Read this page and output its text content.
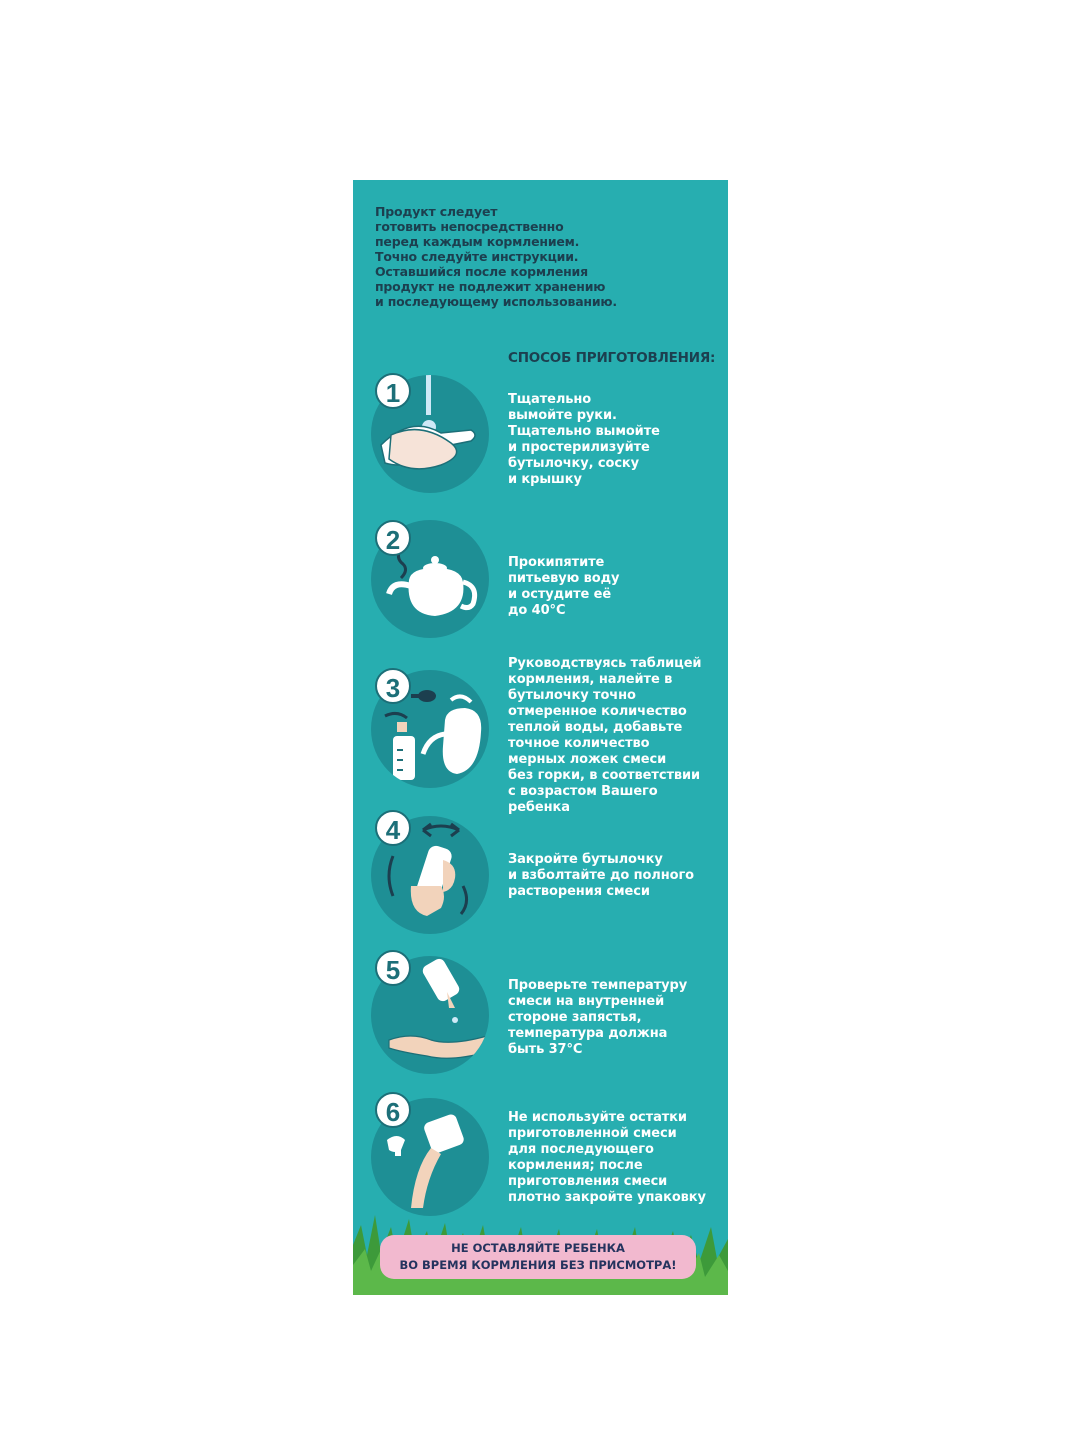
Продукт следует
готовить непосредственно
перед каждым кормлением.
Точно следуйте инструкции.
Оставшийся после кормления
продукт не подлежит хранению
и последующему использованию.
СПОСОБ ПРИГОТОВЛЕНИЯ:
1	Тщательно
вымойте руки.
Тщательно вымойте
и простерилизуйте
бутылочку, соску
и крышку
2
Прокипятите
питьевую воду
и остудите её
до 40°С
3
Руководствуясь таблицей
кормления, налейте в
бутылочку точно
отмеренное количество
теплой воды, добавьте
точное количество
мерных ложек смеси
без горки, в соответствии
с возрастом Вашего
ребенка
4
Закройте бутылочку
и взболтайте до полного
растворения смеси
5
Проверьте температуру
смеси на внутренней
стороне запястья,
температура должна
быть 37°С
6	Не используйте остатки
приготовленной смеси
для последующего
кормления; после
приготовления смеси
плотно закройте упаковку
НЕ ОСТАВЛЯЙТЕ РЕБЕНКА
ВО ВРЕМЯ КОРМЛЕНИЯ БЕЗ ПРИСМОТРА!
